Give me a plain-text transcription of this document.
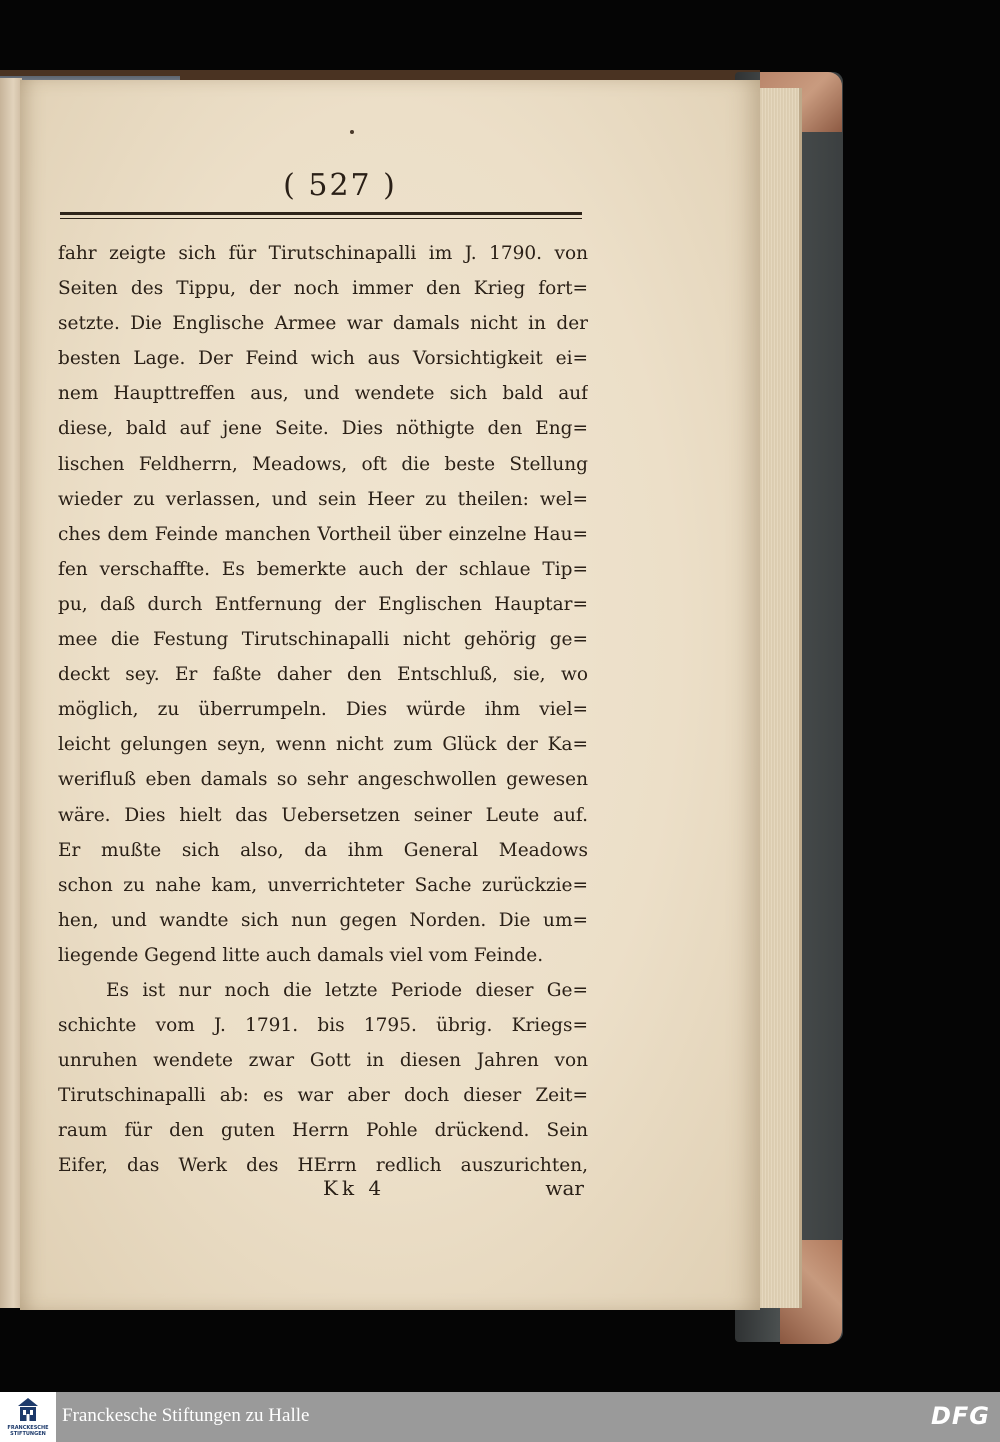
( 527 )
fahr zeigte sich für Tirutschinapalli im J. 1790. von
Seiten des Tippu, der noch immer den Krieg fort=
setzte. Die Englische Armee war damals nicht in der
besten Lage. Der Feind wich aus Vorsichtigkeit ei=
nem Haupttreffen aus, und wendete sich bald auf
diese, bald auf jene Seite. Dies nöthigte den Eng=
lischen Feldherrn, Meadows, oft die beste Stellung
wieder zu verlassen, und sein Heer zu theilen: wel=
ches dem Feinde manchen Vortheil über einzelne Hau=
fen verschaffte. Es bemerkte auch der schlaue Tip=
pu, daß durch Entfernung der Englischen Hauptar=
mee die Festung Tirutschinapalli nicht gehörig ge=
deckt sey. Er faßte daher den Entschluß, sie, wo
möglich, zu überrumpeln. Dies würde ihm viel=
leicht gelungen seyn, wenn nicht zum Glück der Ka=
werifluß eben damals so sehr angeschwollen gewesen
wäre. Dies hielt das Uebersetzen seiner Leute auf.
Er mußte sich also, da ihm General Meadows
schon zu nahe kam, unverrichteter Sache zurückzie=
hen, und wandte sich nun gegen Norden. Die um=
liegende Gegend litte auch damals viel vom Feinde.
Es ist nur noch die letzte Periode dieser Ge=
schichte vom J. 1791. bis 1795. übrig. Kriegs=
unruhen wendete zwar Gott in diesen Jahren von
Tirutschinapalli ab: es war aber doch dieser Zeit=
raum für den guten Herrn Pohle drückend. Sein
Eifer, das Werk des HErrn redlich auszurichten,
Kk 4	war
FRANCKESCHE STIFTUNGEN
Franckesche Stiftungen zu Halle	DFG
